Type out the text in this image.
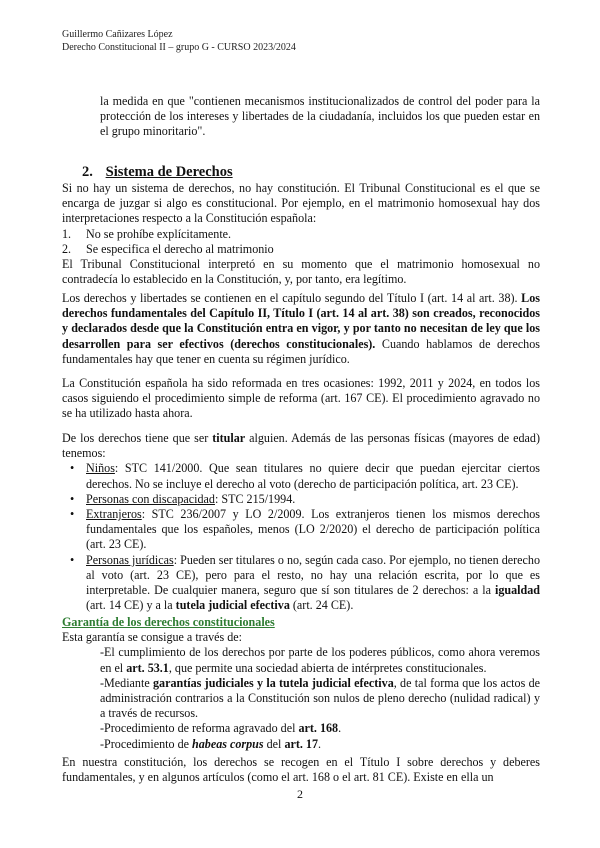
Guillermo Cañizares López
Derecho Constitucional II – grupo G - CURSO 2023/2024
la medida en que "contienen mecanismos institucionalizados de control del poder para la protección de los intereses y libertades de la ciudadanía, incluidos los que pueden estar en el grupo minoritario".
2. Sistema de Derechos

Si no hay un sistema de derechos, no hay constitución. El Tribunal Constitucional es el que se encarga de juzgar si algo es constitucional. Por ejemplo, en el matrimonio homosexual hay dos interpretaciones respecto a la Constitución española:

1. No se prohíbe explícitamente.
2. Se especifica el derecho al matrimonio

El Tribunal Constitucional interpretó en su momento que el matrimonio homosexual no contradecía lo establecido en la Constitución, y, por tanto, era legítimo.

Los derechos y libertades se contienen en el capítulo segundo del Título I (art. 14 al art. 38). Los derechos fundamentales del Capítulo II, Título I (art. 14 al art. 38) son creados, reconocidos y declarados desde que la Constitución entra en vigor, y por tanto no necesitan de ley que los desarrollen para ser efectivos (derechos constitucionales). Cuando hablamos de derechos fundamentales hay que tener en cuenta su régimen jurídico.
La Constitución española ha sido reformada en tres ocasiones: 1992, 2011 y 2024, en todos los casos siguiendo el procedimiento simple de reforma (art. 167 CE). El procedimiento agravado no se ha utilizado hasta ahora.

De los derechos tiene que ser titular alguien. Además de las personas físicas (mayores de edad) tenemos:

• Niños: STC 141/2000. Que sean titulares no quiere decir que puedan ejercitar ciertos derechos. No se incluye el derecho al voto (derecho de participación política, art. 23 CE).
• Personas con discapacidad: STC 215/1994.
• Extranjeros: STC 236/2007 y LO 2/2009. Los extranjeros tienen los mismos derechos fundamentales que los españoles, menos (LO 2/2020) el derecho de participación política (art. 23 CE).
• Personas jurídicas: Pueden ser titulares o no, según cada caso. Por ejemplo, no tienen derecho al voto (art. 23 CE), pero para el resto, no hay una relación escrita, por lo que es interpretable. De cualquier manera, seguro que sí son titulares de 2 derechos: a la igualdad (art. 14 CE) y a la tutela judicial efectiva (art. 24 CE).
Garantía de los derechos constitucionales
Esta garantía se consigue a través de:
-El cumplimiento de los derechos por parte de los poderes públicos, como ahora veremos en el art. 53.1, que permite una sociedad abierta de intérpretes constitucionales.
-Mediante garantías judiciales y la tutela judicial efectiva, de tal forma que los actos de administración contrarios a la Constitución son nulos de pleno derecho (nulidad radical) y a través de recursos.
-Procedimiento de reforma agravado del art. 168.
-Procedimiento de habeas corpus del art. 17.
En nuestra constitución, los derechos se recogen en el Título I sobre derechos y deberes fundamentales, y en algunos artículos (como el art. 168 o el art. 81 CE). Existe en ella un
2
